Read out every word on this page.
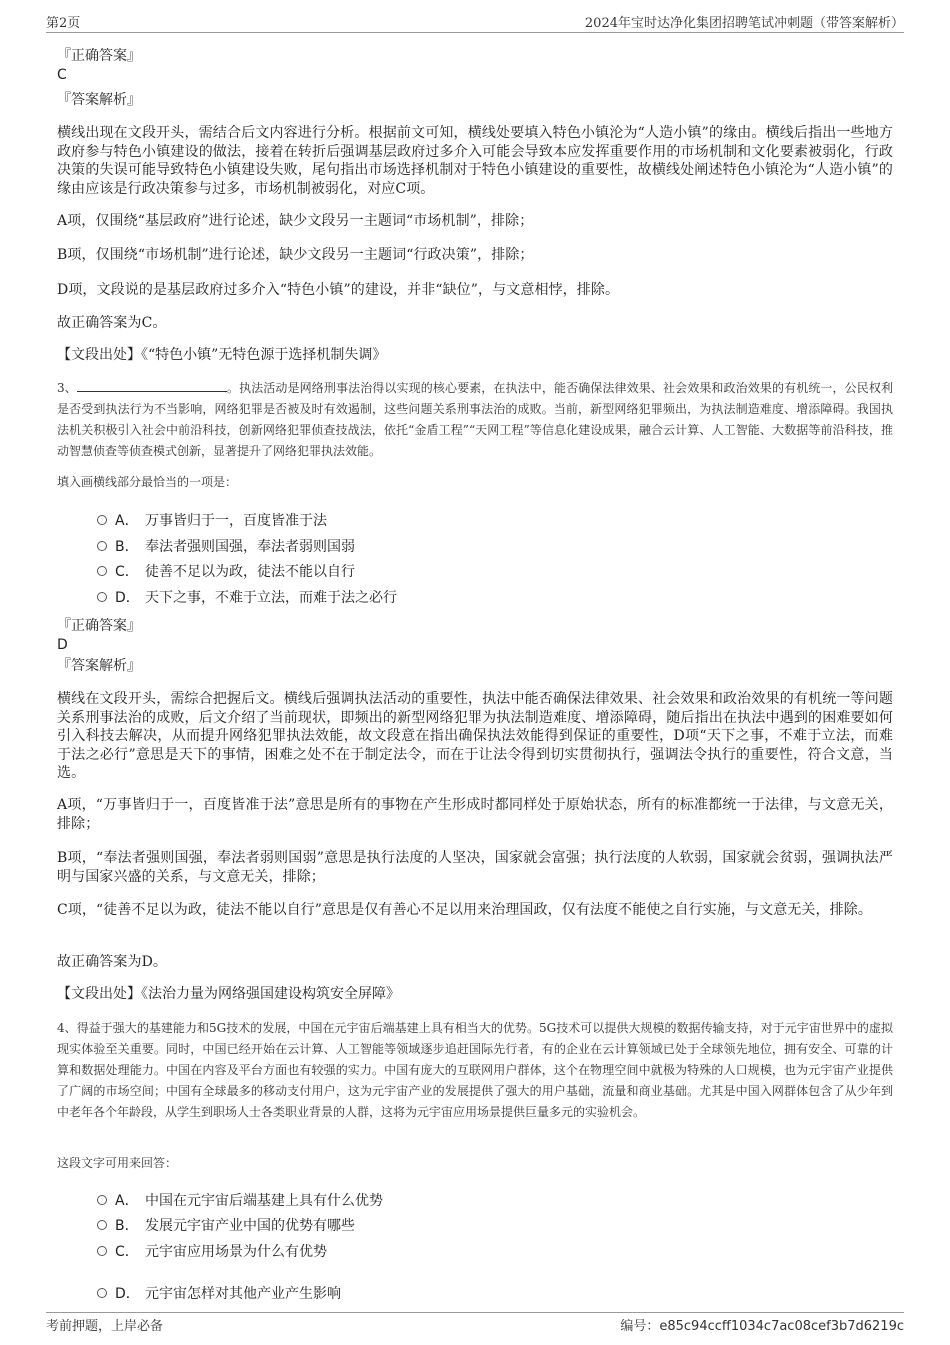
第2页	2024年宝时达净化集团招聘笔试冲刺题（带答案解析）
『正确答案』
C
『答案解析』
横线出现在文段开头，需结合后文内容进行分析。根据前文可知，横线处要填入特色小镇沦为“人造小镇”的缘由。横线后指出一些地方政府参与特色小镇建设的做法，接着在转折后强调基层政府过多介入可能会导致本应发挥重要作用的市场机制和文化要素被弱化，行政决策的失误可能导致特色小镇建设失败，尾句指出市场选择机制对于特色小镇建设的重要性，故横线处阐述特色小镇沦为“人造小镇”的缘由应该是行政决策参与过多，市场机制被弱化，对应C项。
A项，仅围绕“基层政府”进行论述，缺少文段另一主题词“市场机制”，排除；
B项，仅围绕“市场机制”进行论述，缺少文段另一主题词“行政决策”，排除；
D项，文段说的是基层政府过多介入“特色小镇”的建设，并非“缺位”，与文意相悖，排除。
故正确答案为C。
【文段出处】《“特色小镇”无特色源于选择机制失调》
3、	。执法活动是网络刑事法治得以实现的核心要素，在执法中，能否确保法律效果、社会效果和政治效果的有机统一，公民权利是否受到执法行为不当影响，网络犯罪是否被及时有效遏制，这些问题关系刑事法治的成败。当前，新型网络犯罪频出，为执法制造难度、增添障碍。我国执法机关积极引入社会中前沿科技，创新网络犯罪侦查技战法，依托“金盾工程”“天网工程”等信息化建设成果，融合云计算、人工智能、大数据等前沿科技，推动智慧侦查等侦查模式创新，显著提升了网络犯罪执法效能。
填入画横线部分最恰当的一项是：
A． 万事皆归于一，百度皆准于法
B． 奉法者强则国强，奉法者弱则国弱
C． 徒善不足以为政，徒法不能以自行
D． 天下之事，不难于立法，而难于法之必行
『正确答案』
D
『答案解析』
横线在文段开头，需综合把握后文。横线后强调执法活动的重要性，执法中能否确保法律效果、社会效果和政治效果的有机统一等问题关系刑事法治的成败，后文介绍了当前现状，即频出的新型网络犯罪为执法制造难度、增添障碍，随后指出在执法中遇到的困难要如何引入科技去解决，从而提升网络犯罪执法效能，故文段意在指出确保执法效能得到保证的重要性，D项“天下之事，不难于立法，而难于法之必行”意思是天下的事情，困难之处不在于制定法令，而在于让法令得到切实贯彻执行，强调法令执行的重要性，符合文意，当选。
A项，“万事皆归于一，百度皆准于法”意思是所有的事物在产生形成时都同样处于原始状态，所有的标准都统一于法律，与文意无关，排除；
B项，“奉法者强则国强，奉法者弱则国弱”意思是执行法度的人坚决，国家就会富强；执行法度的人软弱，国家就会贫弱，强调执法严明与国家兴盛的关系，与文意无关，排除；
C项，“徒善不足以为政，徒法不能以自行”意思是仅有善心不足以用来治理国政，仅有法度不能使之自行实施，与文意无关，排除。
故正确答案为D。
【文段出处】《法治力量为网络强国建设构筑安全屏障》
4、得益于强大的基建能力和5G技术的发展，中国在元宇宙后端基建上具有相当大的优势。5G技术可以提供大规模的数据传输支持，对于元宇宙世界中的虚拟现实体验至关重要。同时，中国已经开始在云计算、人工智能等领域逐步追赶国际先行者，有的企业在云计算领域已处于全球领先地位，拥有安全、可靠的计算和数据处理能力。中国在内容及平台方面也有较强的实力。中国有庞大的互联网用户群体，这个在物理空间中就极为特殊的人口规模，也为元宇宙产业提供了广阔的市场空间；中国有全球最多的移动支付用户，这为元宇宙产业的发展提供了强大的用户基础，流量和商业基础。尤其是中国入网群体包含了从少年到中老年各个年龄段，从学生到职场人士各类职业背景的人群，这将为元宇宙应用场景提供巨量多元的实验机会。
这段文字可用来回答：
A． 中国在元宇宙后端基建上具有什么优势
B． 发展元宇宙产业中国的优势有哪些
C． 元宇宙应用场景为什么有优势
D． 元宇宙怎样对其他产业产生影响
考前押题，上岸必备	编号：e85c94ccff1034c7ac08cef3b7d6219c
